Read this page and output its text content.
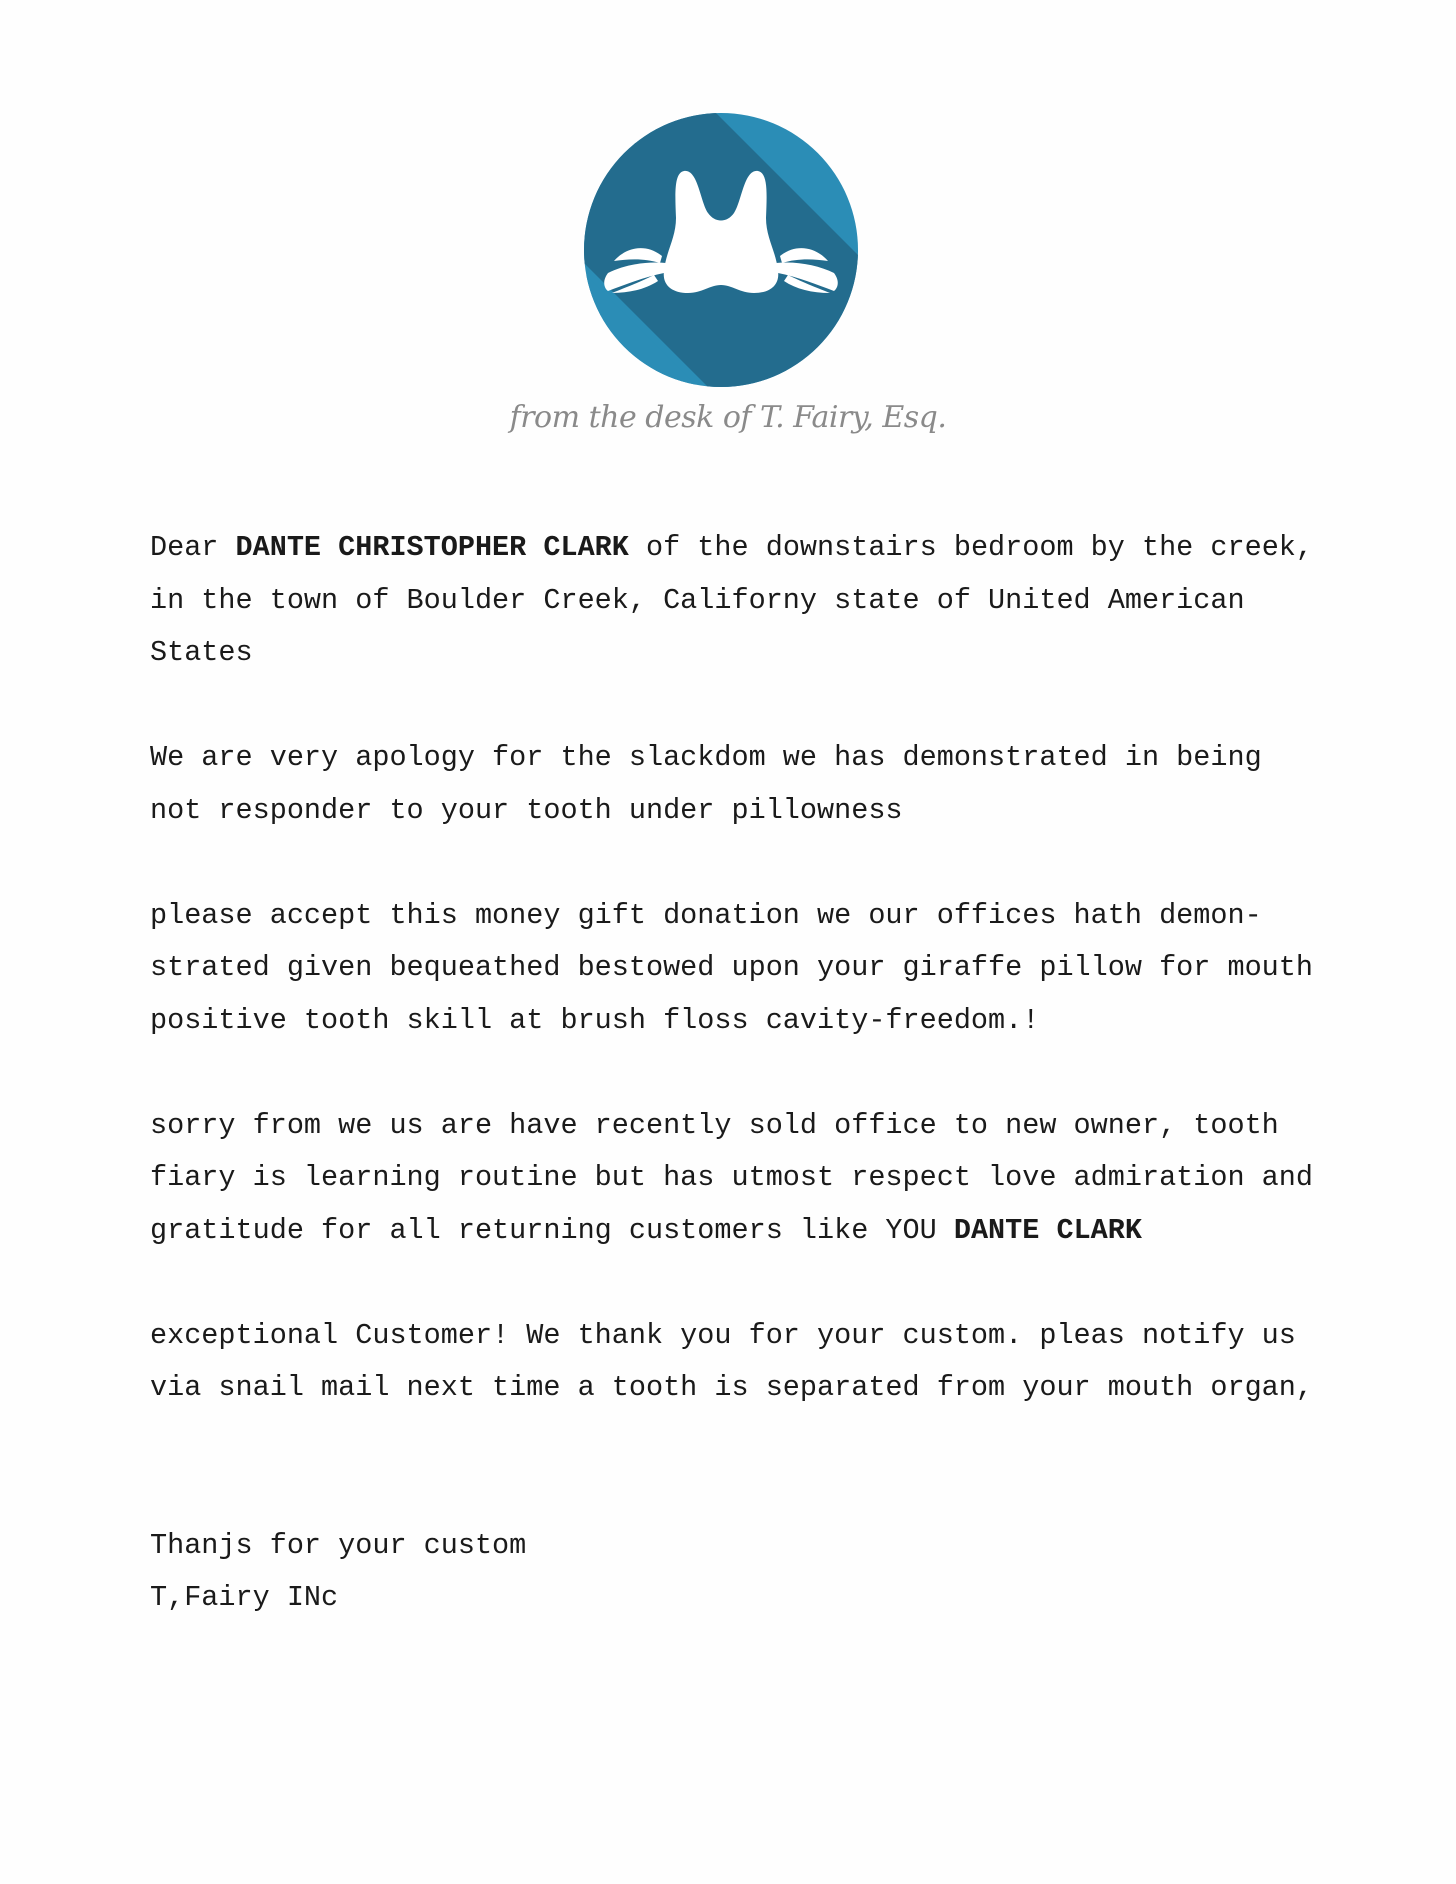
from the desk of T. Fairy, Esq.
Dear DANTE CHRISTOPHER CLARK of the downstairs bedroom by the creek,
in the town of Boulder Creek, Californy state of United American
States
We are very apology for the slackdom we has demonstrated in being
not responder to your tooth under pillowness
please accept this money gift donation we our offices hath demon-
strated given bequeathed bestowed upon your giraffe pillow for mouth
positive tooth skill at brush floss cavity-freedom.!
sorry from we us are have recently sold office to new owner, tooth
fiary is learning routine but has utmost respect love admiration and
gratitude for all returning customers like YOU DANTE CLARK
exceptional Customer! We thank you for your custom. pleas notify us
via snail mail next time a tooth is separated from your mouth organ,
Thanjs for your custom
T,Fairy INc
